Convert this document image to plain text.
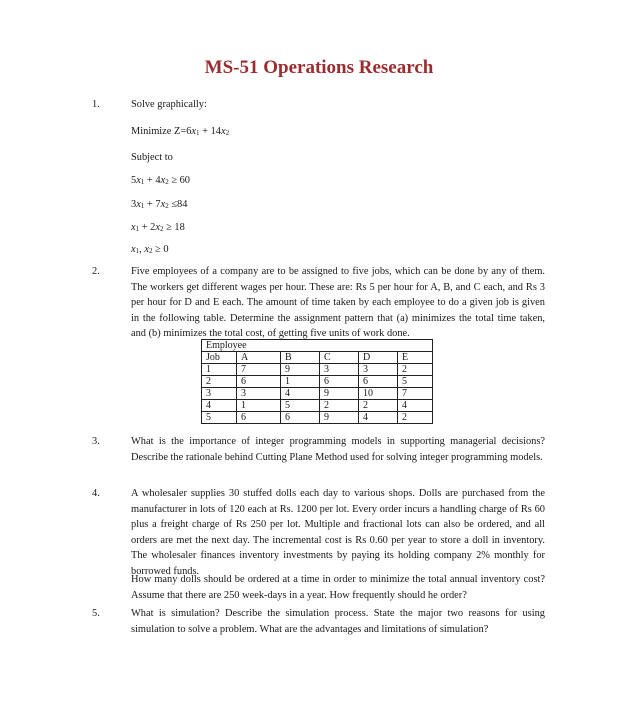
MS-51 Operations Research
1.	Solve graphically:
Minimize $Z=6x_1 + 14x_2$
Subject to
$5x_1 + 4x_2 \ge 60$
$3x_1 + 7x_2 \le 84$
$x_1 + 2x_2 \ge 18$
$x_1$, $x_2 \ge 0$
2.	Five employees of a company are to be assigned to five jobs, which can be done by any of them. The workers get different wages per hour. These are: Rs 5 per hour for A, B, and C each, and Rs 3 per hour for D and E each. The amount of time taken by each employee to do a given job is given in the following table. Determine the assignment pattern that (a) minimizes the total time taken, and (b) minimizes the total cost, of getting five units of work done.
Employee					
Job	A	B	C	D	E
1	7	9	3	3	2
2	6	1	6	6	5
3	3	4	9	10	7
4	1	5	2	2	4
5	6	6	9	4	2
3.	What is the importance of integer programming models in supporting managerial decisions? Describe the rationale behind Cutting Plane Method used for solving integer programming models.
4.	A wholesaler supplies 30 stuffed dolls each day to various shops. Dolls are purchased from the manufacturer in lots of 120 each at Rs. 1200 per lot. Every order incurs a handling charge of Rs 60 plus a freight charge of Rs 250 per lot. Multiple and fractional lots can also be ordered, and all orders are met the next day. The incremental cost is Rs 0.60 per year to store a doll in inventory. The wholesaler finances inventory investments by paying its holding company 2% monthly for borrowed funds.
How many dolls should be ordered at a time in order to minimize the total annual inventory cost? Assume that there are 250 week-days in a year. How frequently should he order?
5.	What is simulation? Describe the simulation process. State the major two reasons for using simulation to solve a problem. What are the advantages and limitations of simulation?
